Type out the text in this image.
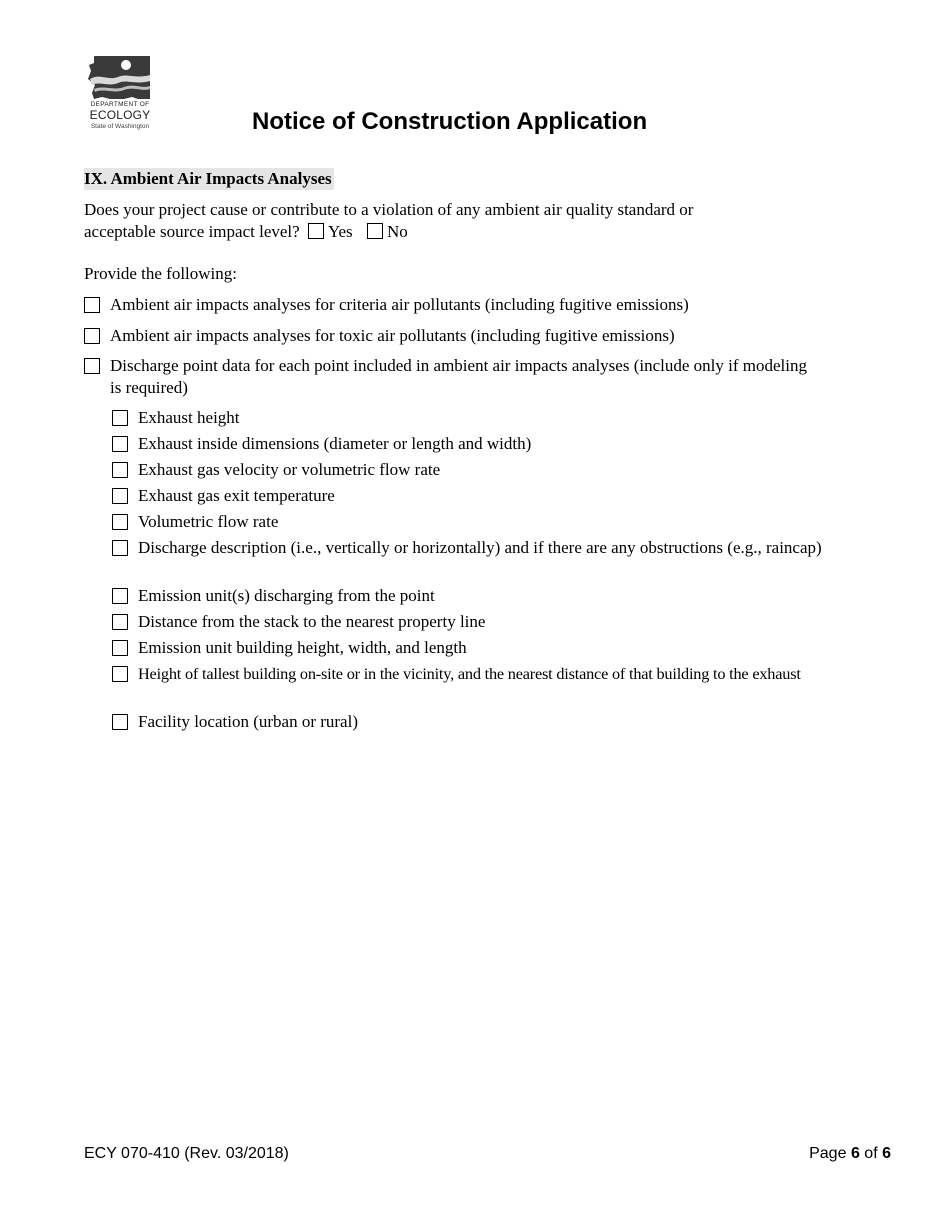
DEPARTMENT OF
ECOLOGY
State of Washington	Notice of Construction Application
IX. Ambient Air Impacts Analyses
Does your project cause or contribute to a violation of any ambient air quality standard or
acceptable source impact level? Yes No

Provide the following:

Ambient air impacts analyses for criteria air pollutants (including fugitive emissions)
Ambient air impacts analyses for toxic air pollutants (including fugitive emissions)
Discharge point data for each point included in ambient air impacts analyses (include only if modeling is required)
Exhaust height
Exhaust inside dimensions (diameter or length and width)
Exhaust gas velocity or volumetric flow rate
Exhaust gas exit temperature
Volumetric flow rate
Discharge description (i.e., vertically or horizontally) and if there are any obstructions (e.g., raincap)
Emission unit(s) discharging from the point
Distance from the stack to the nearest property line
Emission unit building height, width, and length
Height of tallest building on-site or in the vicinity, and the nearest distance of that building to the exhaust
Facility location (urban or rural)

ECY 070-410 (Rev. 03/2018)	Page 6 of 6
